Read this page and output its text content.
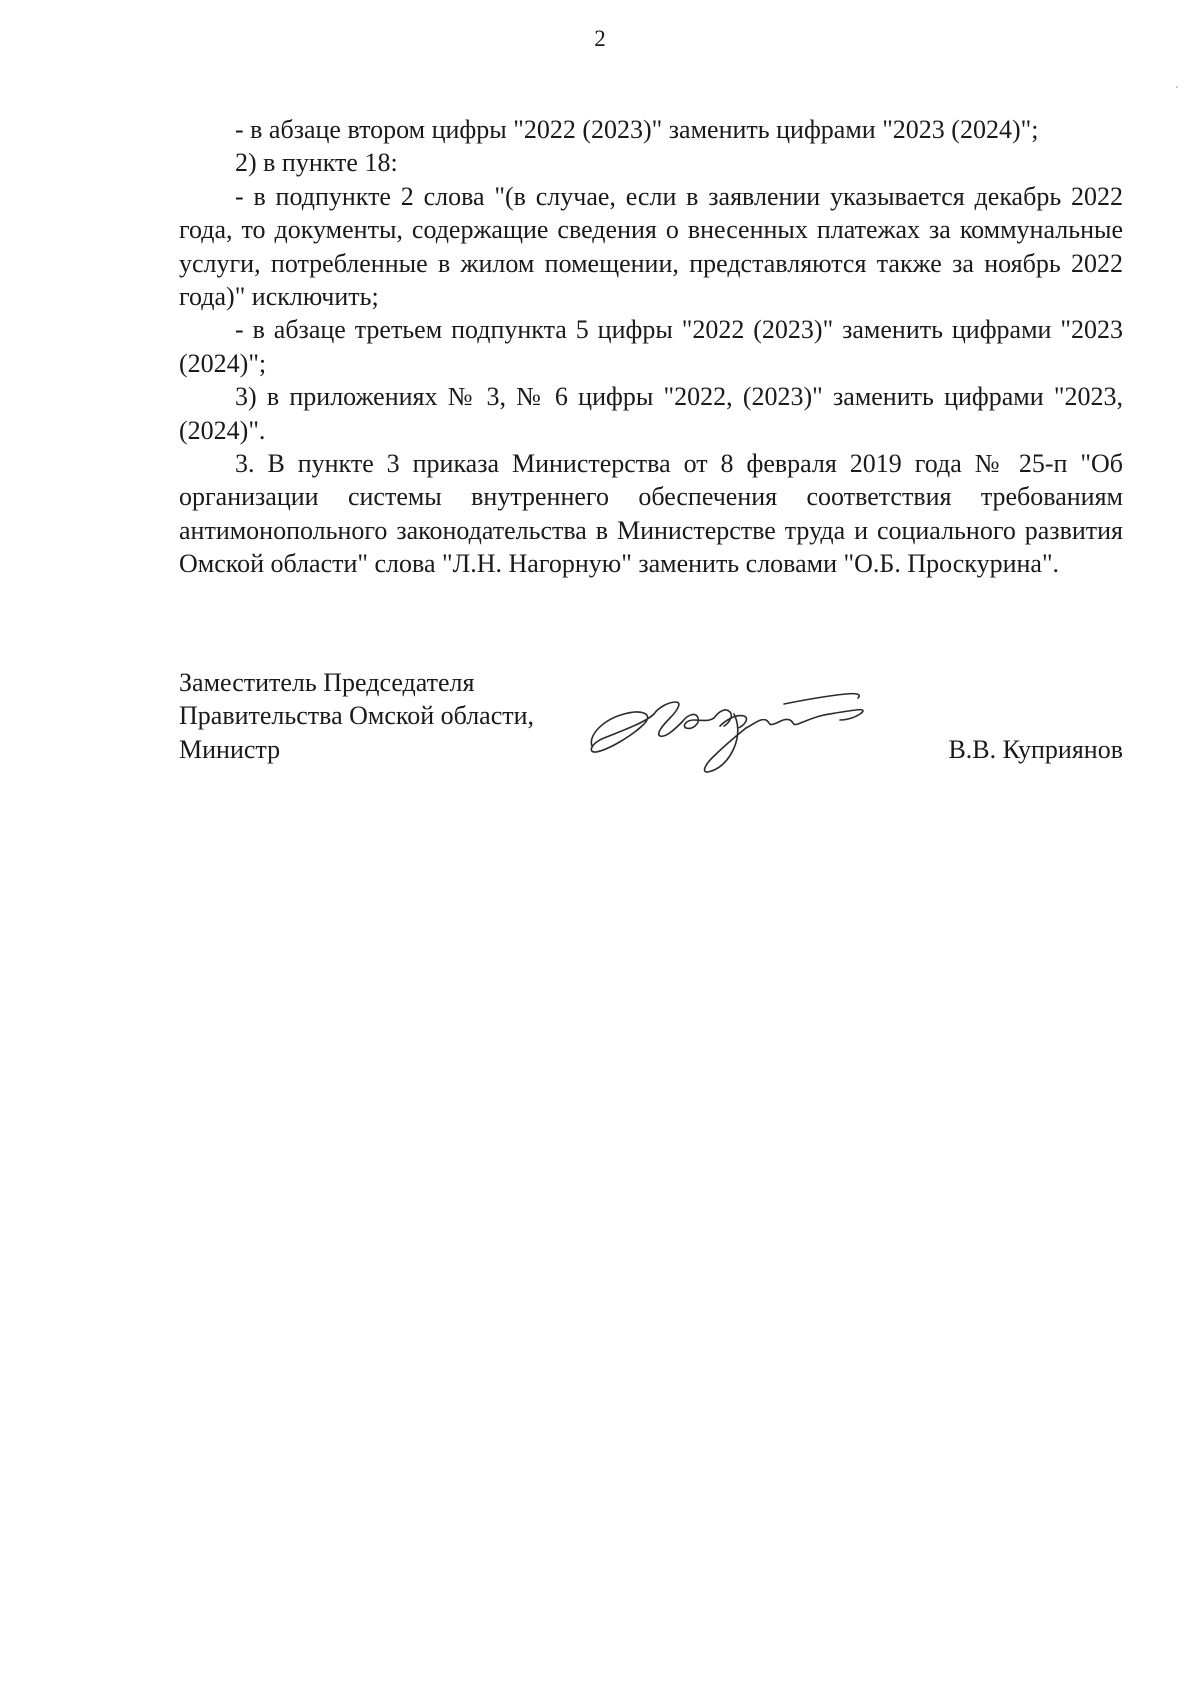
2

- в абзаце втором цифры "2022 (2023)" заменить цифрами "2023 (2024)";

2) в пункте 18:

- в подпункте 2 слова "(в случае, если в заявлении указывается декабрь 2022 года, то документы, содержащие сведения о внесенных платежах за коммунальные услуги, потребленные в жилом помещении, представляются также за ноябрь 2022 года)" исключить;

- в абзаце третьем подпункта 5 цифры "2022 (2023)" заменить цифрами "2023 (2024)";

3) в приложениях № 3, № 6 цифры "2022, (2023)" заменить цифрами "2023, (2024)".

3. В пункте 3 приказа Министерства от 8 февраля 2019 года № 25-п "Об организации системы внутреннего обеспечения соответствия требованиям антимонопольного законодательства в Министерстве труда и социального развития Омской области" слова "Л.Н. Нагорную" заменить словами "О.Б. Проскурина".

Заместитель Председателя
Правительства Омской области,
Министр	В.В. Куприянов
